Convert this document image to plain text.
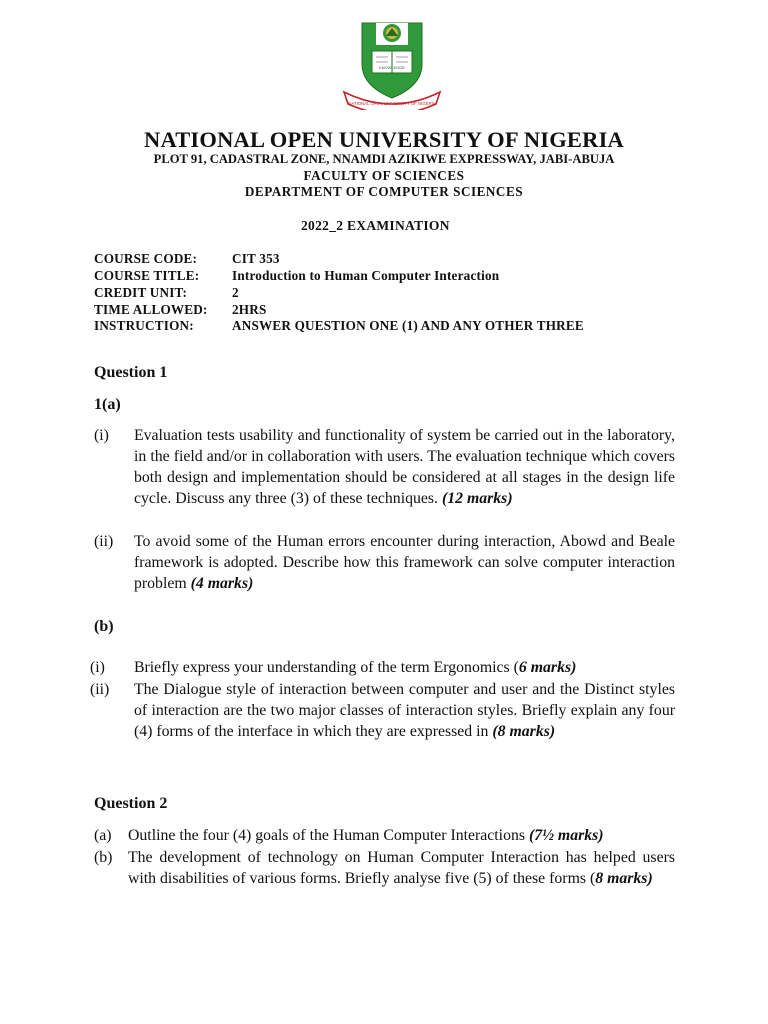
KNOWLEDGE
NATIONAL OPEN UNIVERSITY OF NIGERIA
NATIONAL OPEN UNIVERSITY OF NIGERIA
PLOT 91, CADASTRAL ZONE, NNAMDI AZIKIWE EXPRESSWAY, JABI-ABUJA
FACULTY OF SCIENCES
DEPARTMENT OF COMPUTER SCIENCES
2022_2 EXAMINATION
COURSE CODE:	CIT 353
COURSE TITLE: Introduction to Human Computer Interaction
CREDIT UNIT:	2
TIME ALLOWED: 2HRS
INSTRUCTION:	ANSWER QUESTION ONE (1) AND ANY OTHER THREE
Question 1
1(a)
(i) Evaluation tests usability and functionality of system be carried out in the laboratory, in the field and/or in collaboration with users. The evaluation technique which covers both design and implementation should be considered at all stages in the design life cycle. Discuss any three (3) of these techniques. (12 marks)
(ii) To avoid some of the Human errors encounter during interaction, Abowd and Beale framework is adopted. Describe how this framework can solve computer interaction problem (4 marks)
(b)
(i) Briefly express your understanding of the term Ergonomics (6 marks)
(ii) The Dialogue style of interaction between computer and user and the Distinct styles of interaction are the two major classes of interaction styles. Briefly explain any four (4) forms of the interface in which they are expressed in (8 marks)
Question 2
(a) Outline the four (4) goals of the Human Computer Interactions (7½ marks)
(b) The development of technology on Human Computer Interaction has helped users with disabilities of various forms. Briefly analyse five (5) of these forms (8 marks)
